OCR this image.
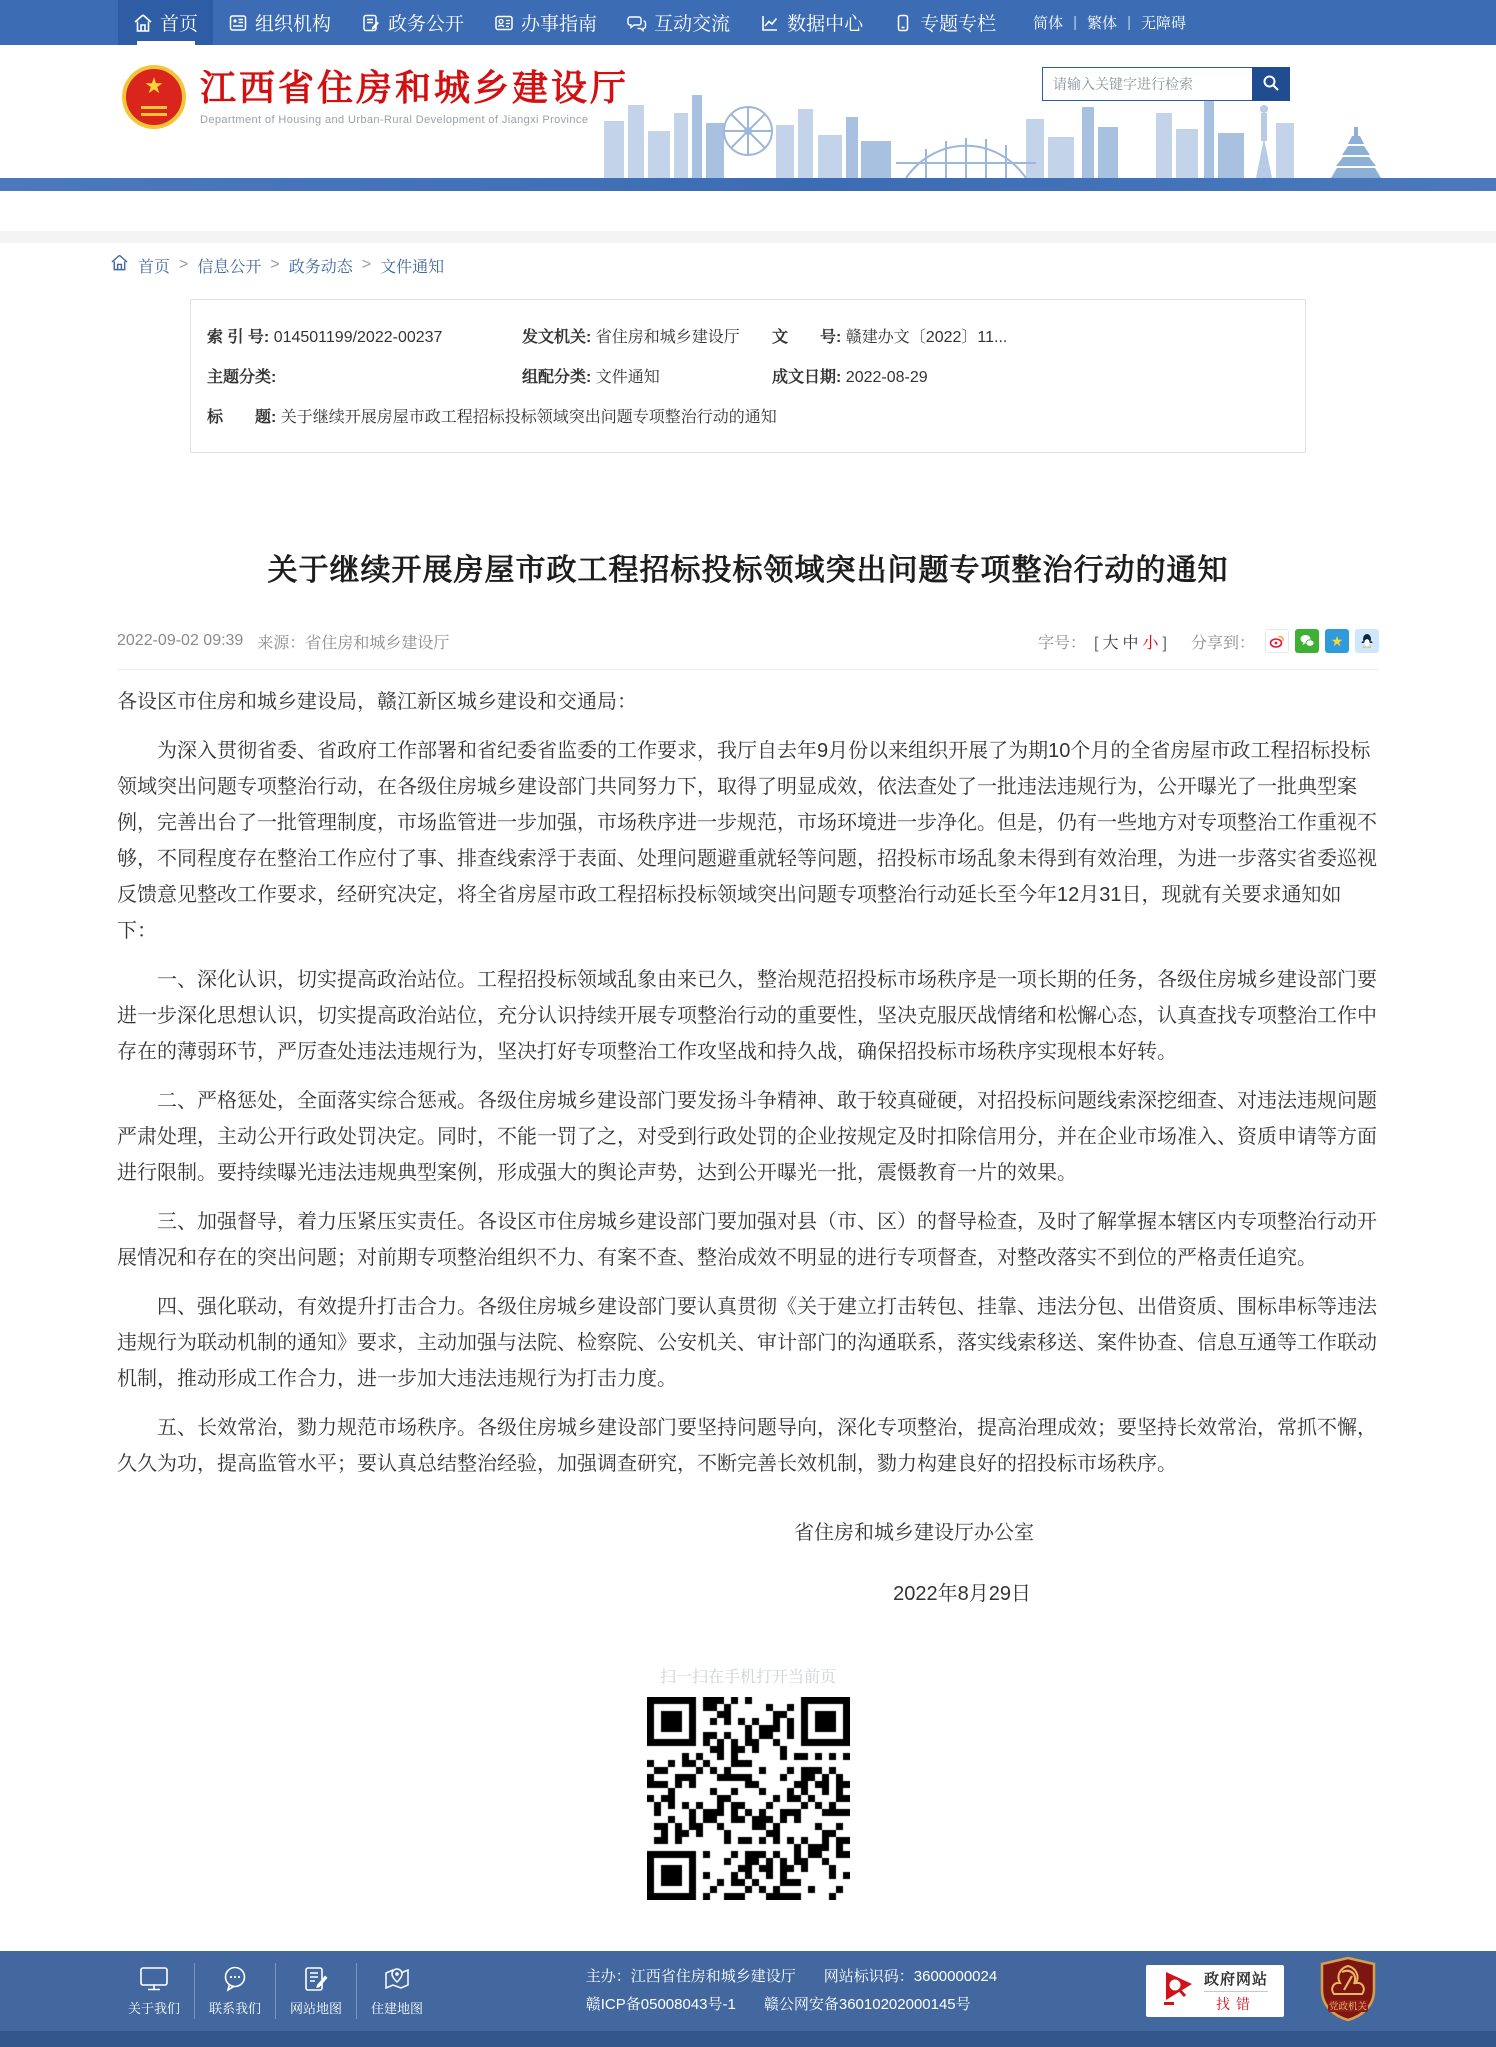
首页	组织机构	政务公开	办事指南	互动交流	数据中心	专题专栏 简体 | 繁体 | 无障碍
★ 江西省住房和城乡建设厅
Department of Housing and Urban-Rural Development of Jiangxi Province
请输入关键字进行检索
首页 > 信息公开 > 政务动态 > 文件通知
索 引 号: 014501199/2022-00237	发文机关: 省住房和城乡建设厅	文　　号: 赣建办文〔2022〕11...
主题分类:	组配分类: 文件通知	成文日期: 2022-08-29
标　　题: 关于继续开展房屋市政工程招标投标领域突出问题专项整治行动的通知
关于继续开展房屋市政工程招标投标领域突出问题专项整治行动的通知
2022-09-02 09:39 来源：省住房和城乡建设厅	字号： [ 大 中 小 ] 分享到：	★

各设区市住房和城乡建设局，赣江新区城乡建设和交通局：

为深入贯彻省委、省政府工作部署和省纪委省监委的工作要求，我厅自去年9月份以来组织开展了为期10个月的全省房屋市政工程招标投标领域突出问题专项整治行动，在各级住房城乡建设部门共同努力下，取得了明显成效，依法查处了一批违法违规行为，公开曝光了一批典型案例，完善出台了一批管理制度，市场监管进一步加强，市场秩序进一步规范，市场环境进一步净化。但是，仍有一些地方对专项整治工作重视不够，不同程度存在整治工作应付了事、排查线索浮于表面、处理问题避重就轻等问题，招投标市场乱象未得到有效治理，为进一步落实省委巡视反馈意见整改工作要求，经研究决定，将全省房屋市政工程招标投标领域突出问题专项整治行动延长至今年12月31日，现就有关要求通知如下：

一、深化认识，切实提高政治站位。工程招投标领域乱象由来已久，整治规范招投标市场秩序是一项长期的任务，各级住房城乡建设部门要进一步深化思想认识，切实提高政治站位，充分认识持续开展专项整治行动的重要性，坚决克服厌战情绪和松懈心态，认真查找专项整治工作中存在的薄弱环节，严厉查处违法违规行为，坚决打好专项整治工作攻坚战和持久战，确保招投标市场秩序实现根本好转。

二、严格惩处，全面落实综合惩戒。各级住房城乡建设部门要发扬斗争精神、敢于较真碰硬，对招投标问题线索深挖细查、对违法违规问题严肃处理，主动公开行政处罚决定。同时，不能一罚了之，对受到行政处罚的企业按规定及时扣除信用分，并在企业市场准入、资质申请等方面进行限制。要持续曝光违法违规典型案例，形成强大的舆论声势，达到公开曝光一批，震慑教育一片的效果。

三、加强督导，着力压紧压实责任。各设区市住房城乡建设部门要加强对县（市、区）的督导检查，及时了解掌握本辖区内专项整治行动开展情况和存在的突出问题；对前期专项整治组织不力、有案不查、整治成效不明显的进行专项督查，对整改落实不到位的严格责任追究。

四、强化联动，有效提升打击合力。各级住房城乡建设部门要认真贯彻《关于建立打击转包、挂靠、违法分包、出借资质、围标串标等违法违规行为联动机制的通知》要求，主动加强与法院、检察院、公安机关、审计部门的沟通联系，落实线索移送、案件协查、信息互通等工作联动机制，推动形成工作合力，进一步加大违法违规行为打击力度。

五、长效常治，勠力规范市场秩序。各级住房城乡建设部门要坚持问题导向，深化专项整治，提高治理成效；要坚持长效常治，常抓不懈，久久为功，提高监管水平；要认真总结整治经验，加强调查研究，不断完善长效机制，勠力构建良好的招投标市场秩序。

省住房和城乡建设厅办公室
2022年8月29日
扫一扫在手机打开当前页
关于我们	联系我们	网站地图	住建地图
主办：江西省住房和城乡建设厅 网站标识码：3600000024
赣ICP备05008043号-1 赣公网安备36010202000145号
政府网站
找错	党政机关
